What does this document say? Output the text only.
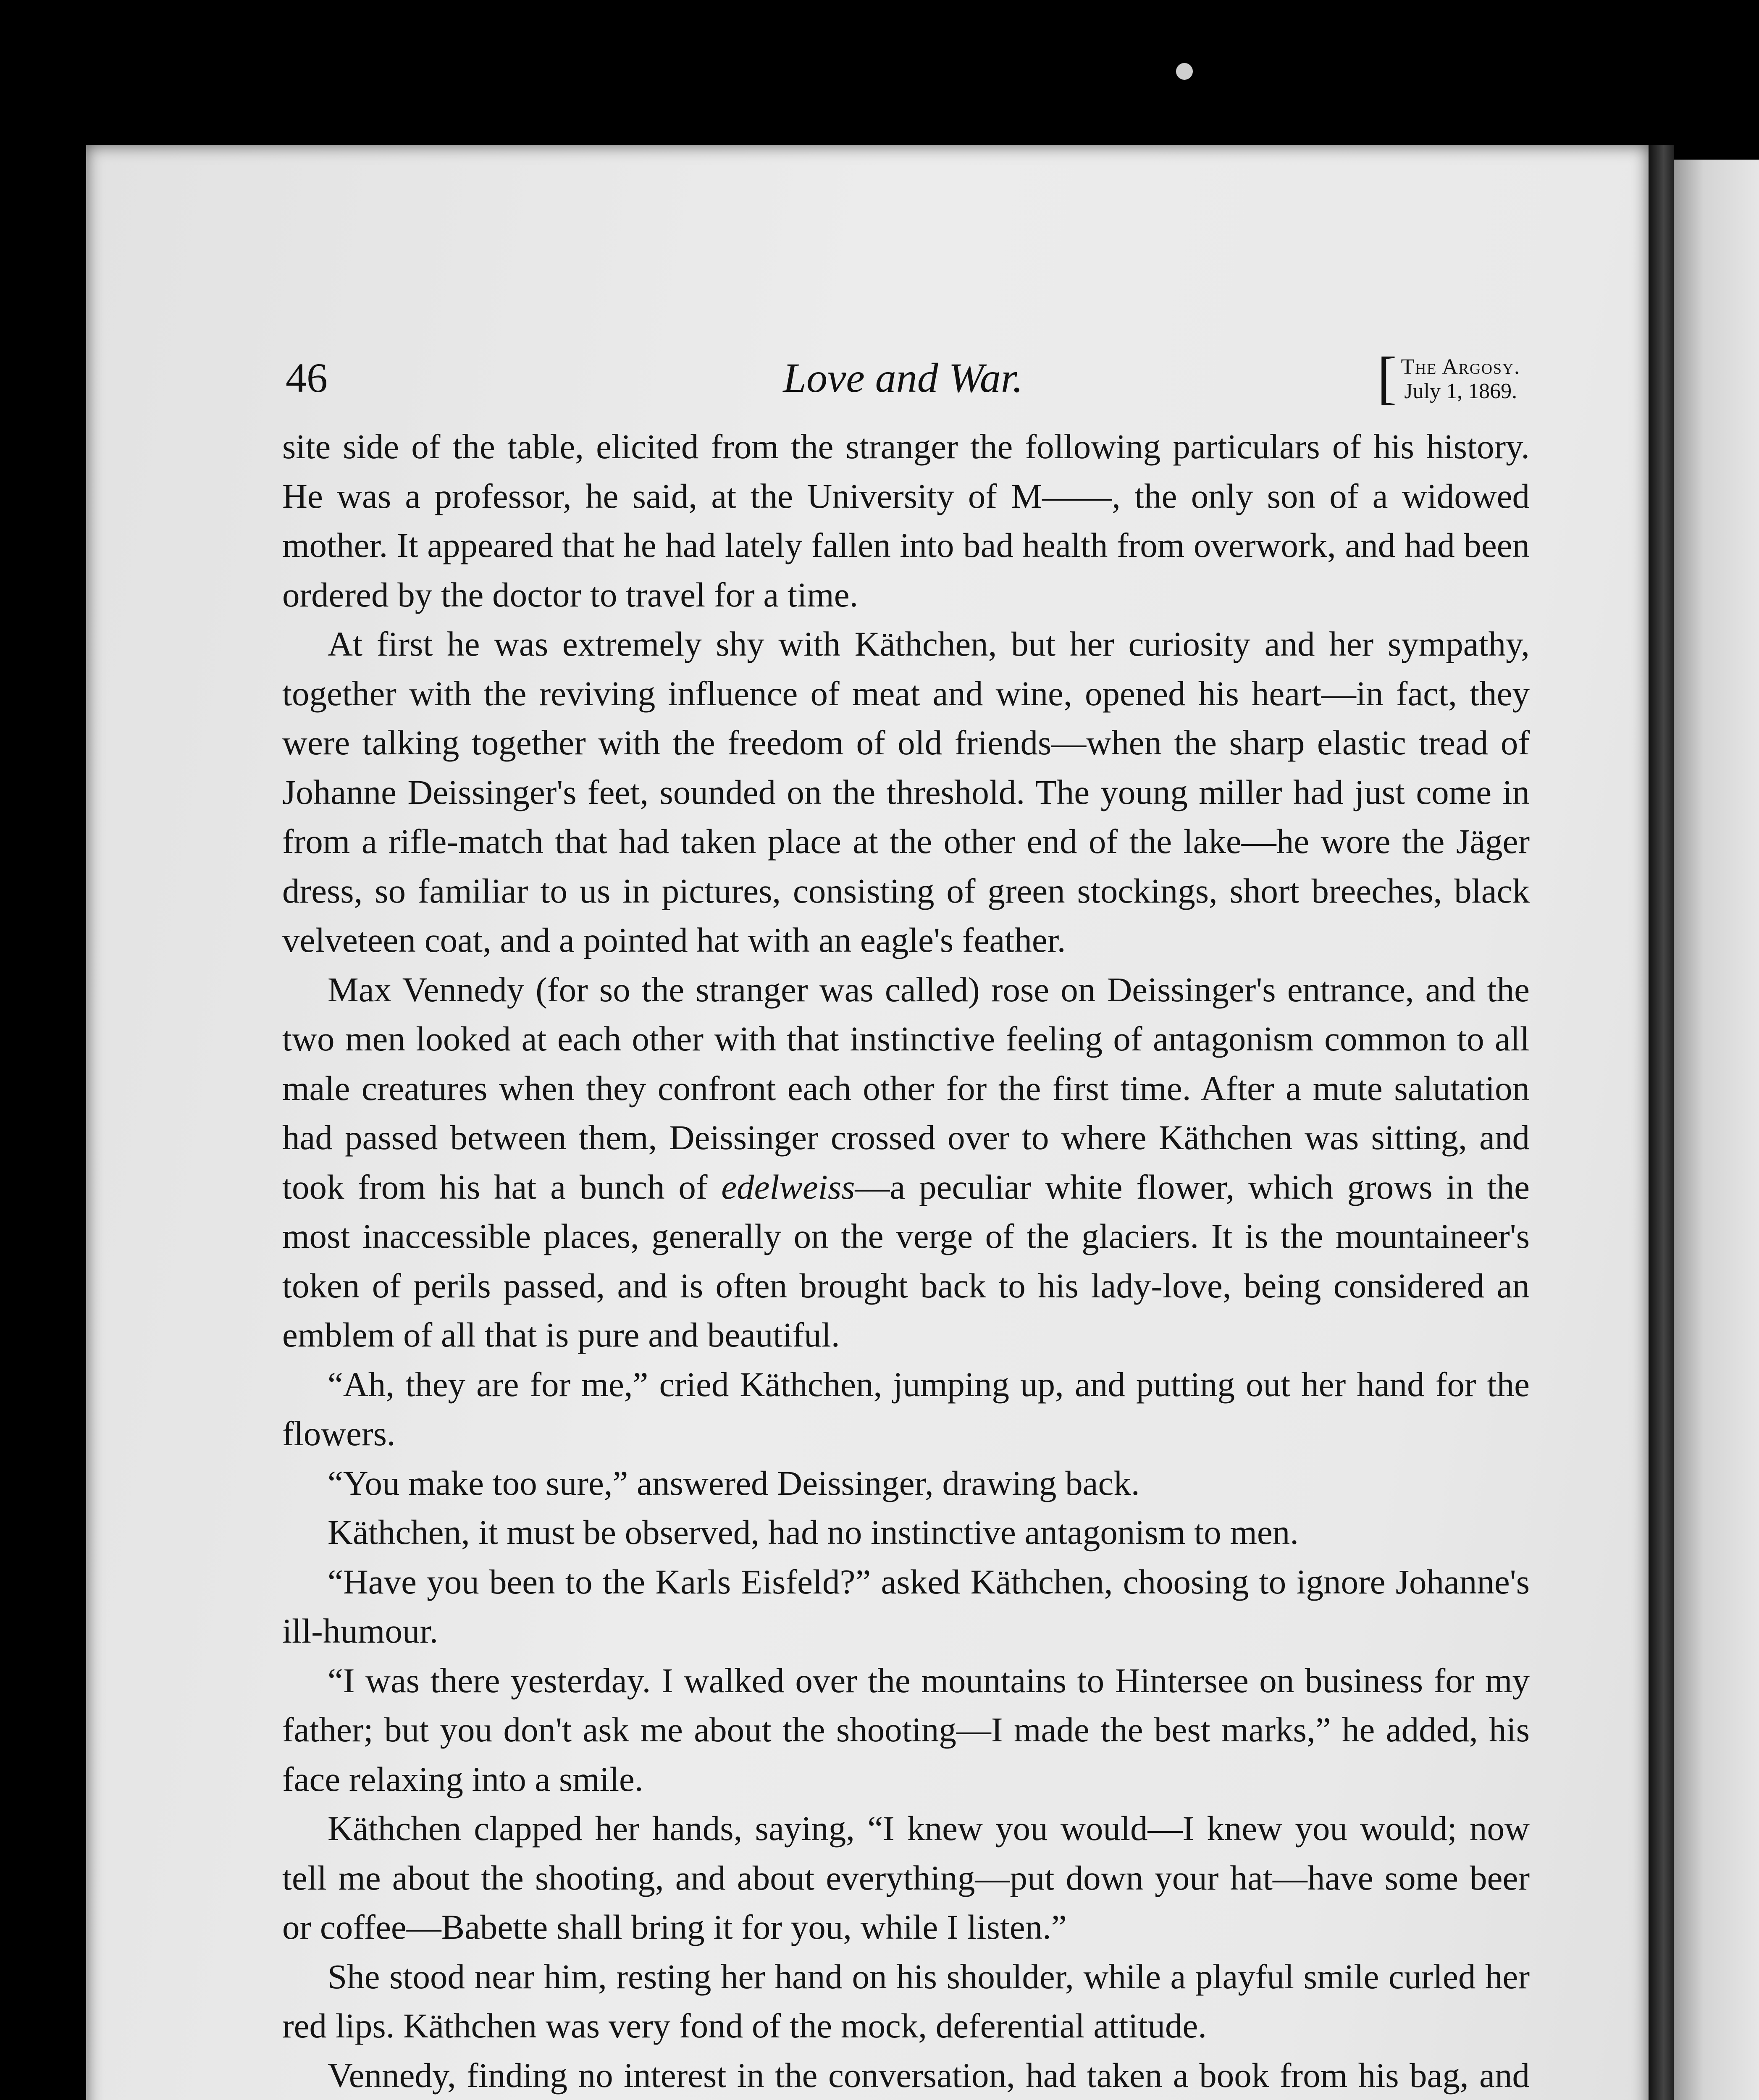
46	Love and War.	[ The Argosy.
July 1, 1869.

site side of the table, elicited from the stranger the following particulars of his history. He was a professor, he said, at the University of M——, the only son of a widowed mother. It appeared that he had lately fallen into bad health from overwork, and had been ordered by the doctor to travel for a time.

At first he was extremely shy with Käthchen, but her curiosity and her sympathy, together with the reviving influence of meat and wine, opened his heart—in fact, they were talking together with the freedom of old friends—when the sharp elastic tread of Johanne Deissinger's feet, sounded on the threshold. The young miller had just come in from a rifle-match that had taken place at the other end of the lake—he wore the Jäger dress, so familiar to us in pictures, consisting of green stockings, short breeches, black velveteen coat, and a pointed hat with an eagle's feather.

Max Vennedy (for so the stranger was called) rose on Deissinger's entrance, and the two men looked at each other with that instinctive feeling of antagonism common to all male creatures when they confront each other for the first time. After a mute salutation had passed between them, Deissinger crossed over to where Käthchen was sitting, and took from his hat a bunch of edelweiss—a peculiar white flower, which grows in the most inaccessible places, generally on the verge of the glaciers. It is the mountaineer's token of perils passed, and is often brought back to his lady-love, being considered an emblem of all that is pure and beautiful.

“Ah, they are for me,” cried Käthchen, jumping up, and putting out her hand for the flowers.

“You make too sure,” answered Deissinger, drawing back.

Käthchen, it must be observed, had no instinctive antagonism to men.

“Have you been to the Karls Eisfeld?” asked Käthchen, choosing to ignore Johanne's ill-humour.

“I was there yesterday. I walked over the mountains to Hintersee on business for my father; but you don't ask me about the shooting—I made the best marks,” he added, his face relaxing into a smile.

Käthchen clapped her hands, saying, “I knew you would—I knew you would; now tell me about the shooting, and about everything—put down your hat—have some beer or coffee—Babette shall bring it for you, while I listen.”

She stood near him, resting her hand on his shoulder, while a playful smile curled her red lips. Käthchen was very fond of the mock, deferential attitude.

Vennedy, finding no interest in the conversation, had taken a book from his bag, and
